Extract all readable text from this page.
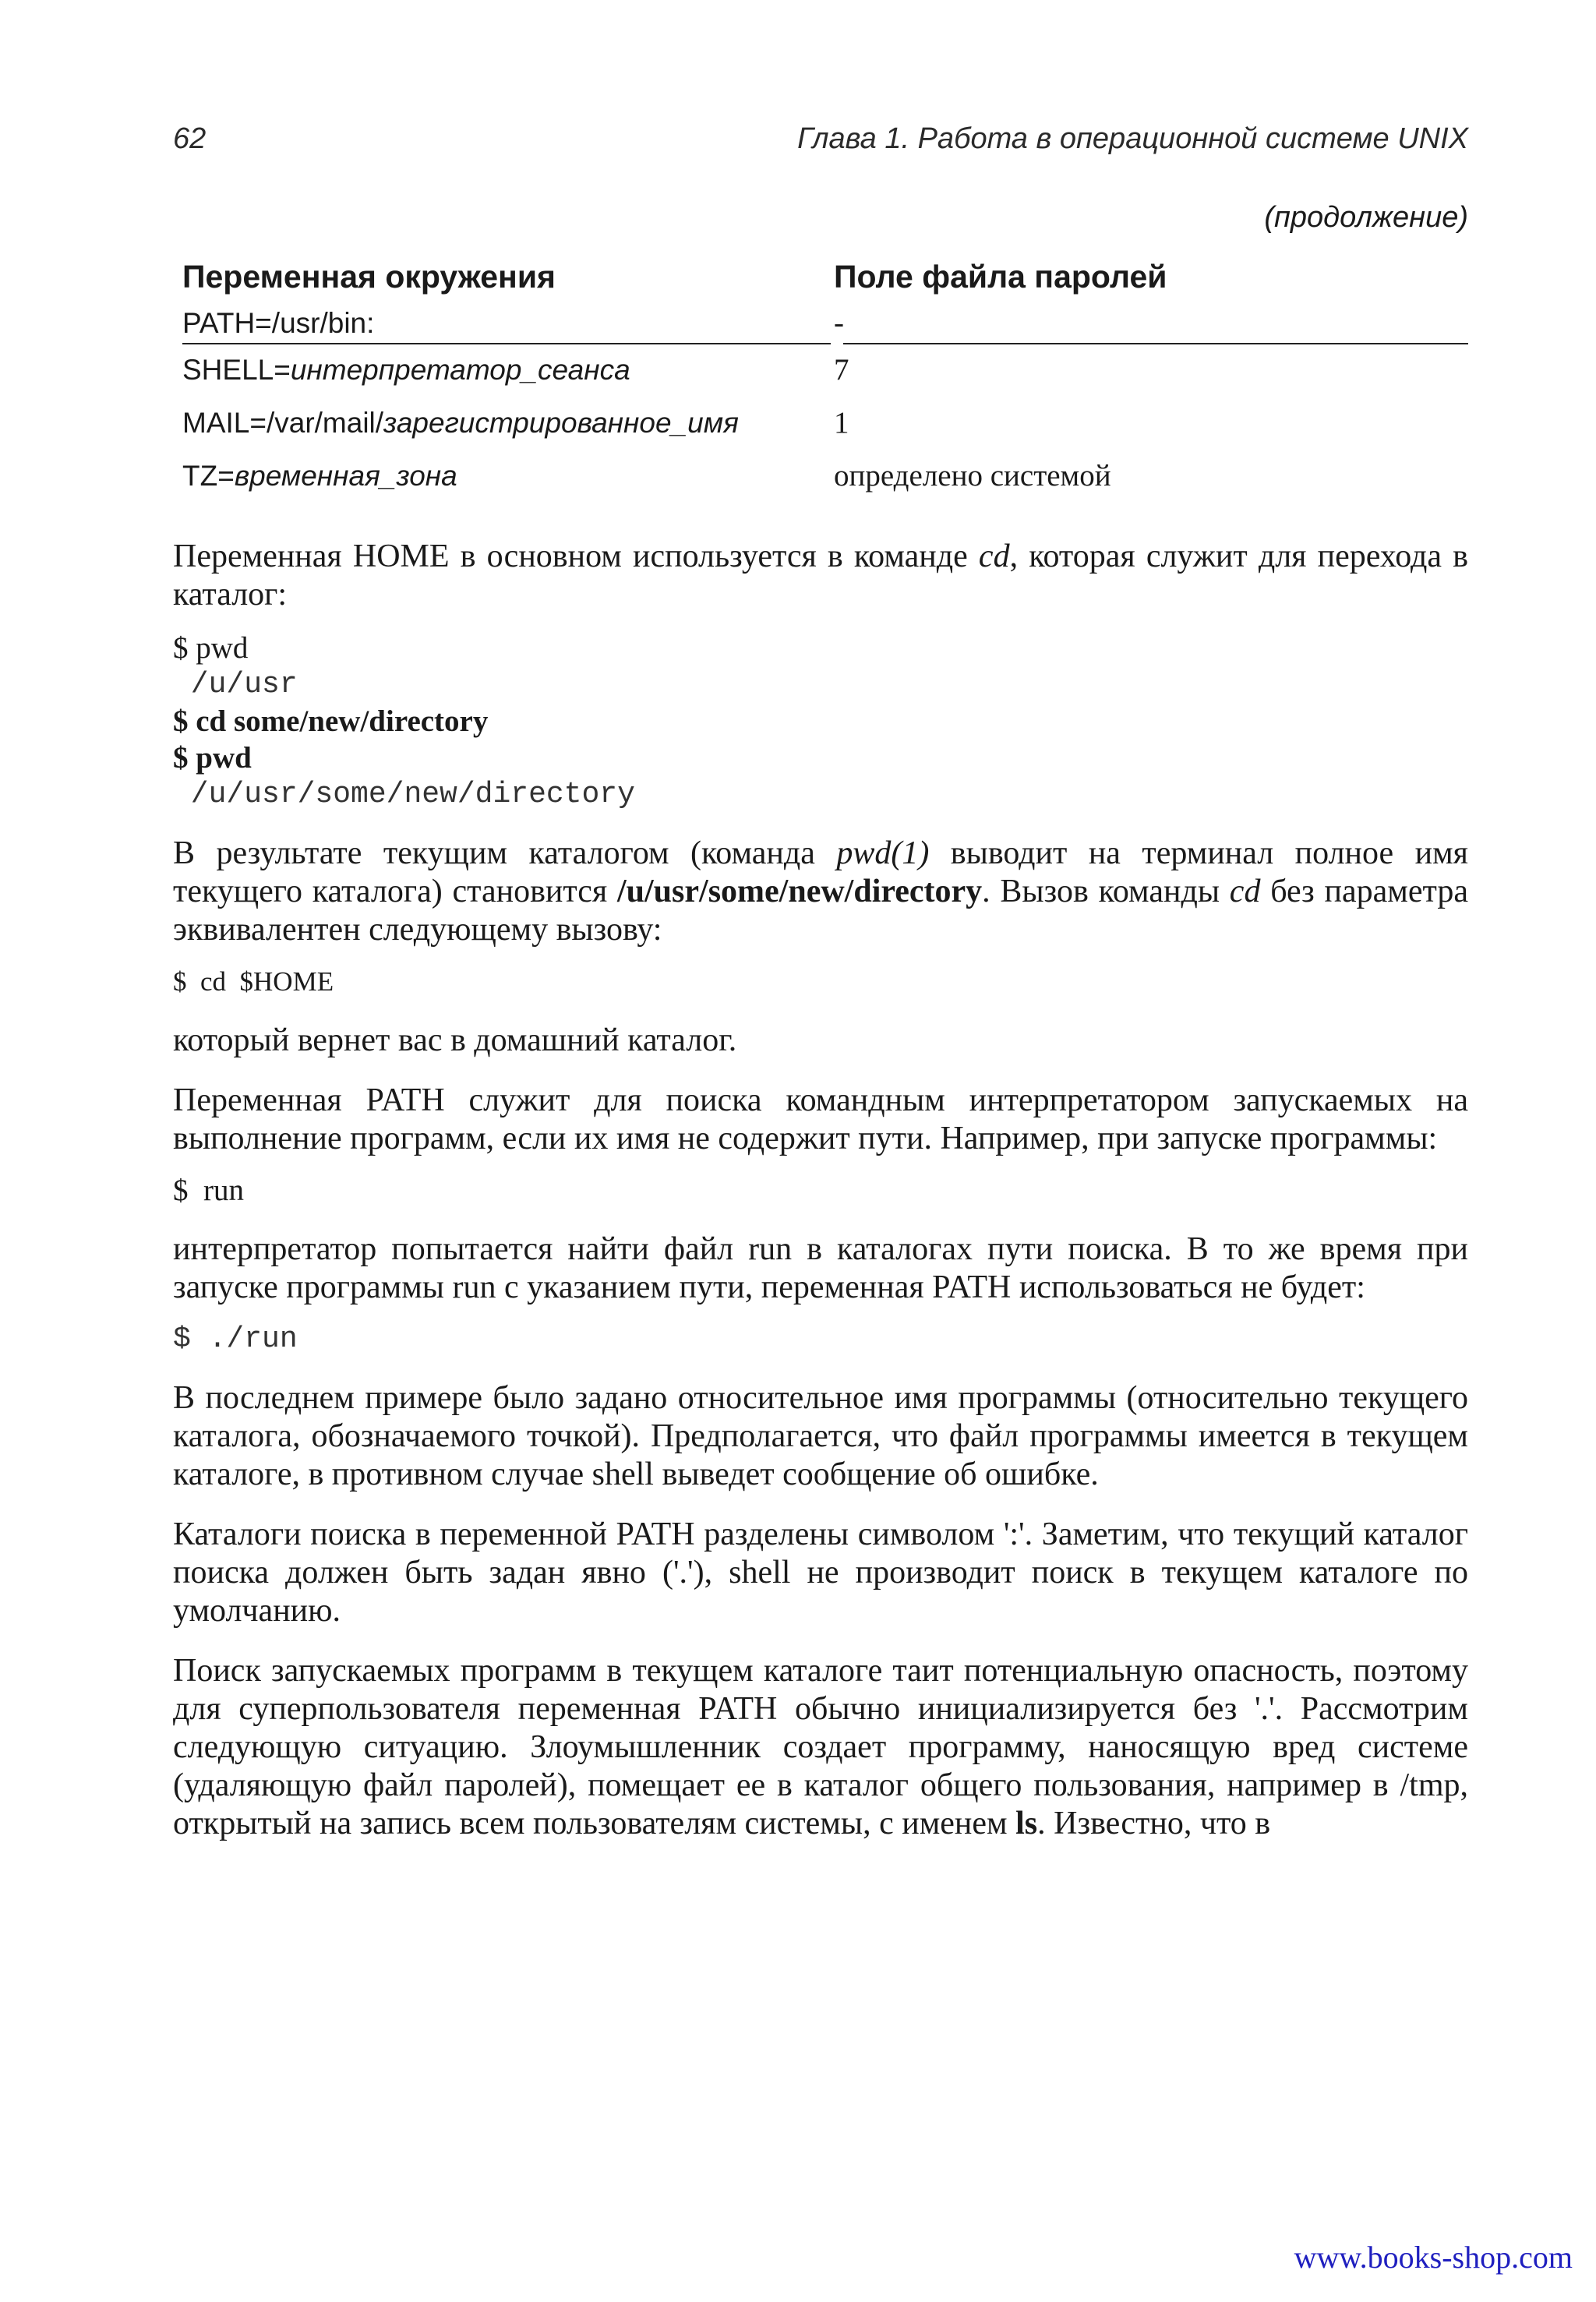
62	Глава 1. Работа в операционной системе UNIX
(продолжение)
Переменная окружения	Поле файла паролей
PATH=/usr/bin:	-
SHELL=интерпретатор_сеанса	7
MAIL=/var/mail/зарегистрированное_имя	1
TZ=временная_зона	определено системой

Переменная HOME в основном используется в команде cd, которая служит для перехода в каталог:

$ pwd
/u/usr
$ cd some/new/directory
$ pwd
/u/usr/some/new/directory

В результате текущим каталогом (команда pwd(1) выводит на терминал полное имя текущего каталога) становится /u/usr/some/new/directory. Вызов команды cd без параметра эквивалентен следующему вызову:

$  cd  $HOME

который вернет вас в домашний каталог.

Переменная PATH служит для поиска командным интерпретатором запускаемых на выполнение программ, если их имя не содержит пути. Например, при запуске программы:

$  run

интерпретатор попытается найти файл run в каталогах пути поиска. В то же время при запуске программы run с указанием пути, переменная PATH использоваться не будет:

$ ./run

В последнем примере было задано относительное имя программы (относительно текущего каталога, обозначаемого точкой). Предполагается, что файл программы имеется в текущем каталоге, в противном случае shell выведет сообщение об ошибке.

Каталоги поиска в переменной PATH разделены символом ':'. Заметим, что текущий каталог поиска должен быть задан явно ('.'), shell не производит поиск в текущем каталоге по умолчанию.

Поиск запускаемых программ в текущем каталоге таит потенциальную опасность, поэтому для суперпользователя переменная PATH обычно инициализируется без '.'. Рассмотрим следующую ситуацию. Злоумышленник создает программу, наносящую вред системе (удаляющую файл паролей), помещает ее в каталог общего пользования, например в /tmp, открытый на запись всем пользователям системы, с именем ls. Известно, что в

www.books-shop.com
